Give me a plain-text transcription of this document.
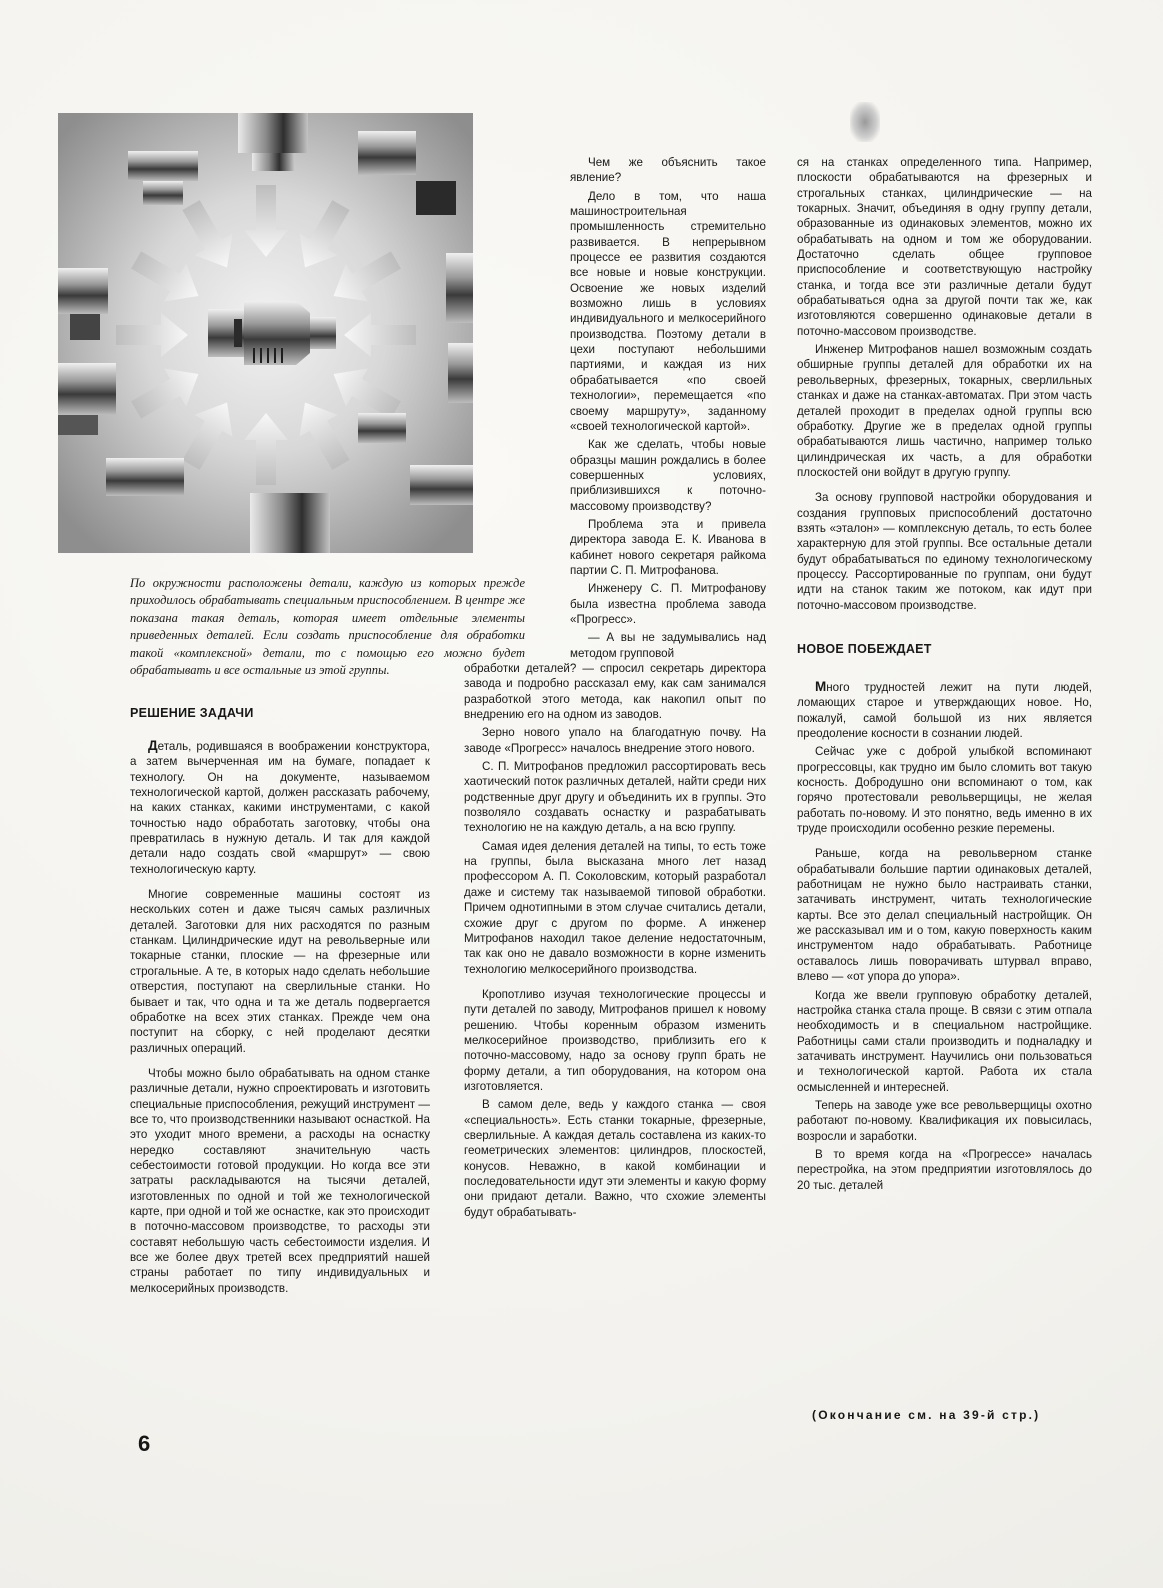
По окружности расположены детали, каждую из которых прежде приходилось обрабатывать специальным приспособлением. В центре же показана такая деталь, которая имеет отдельные элементы приведенных деталей. Если создать приспособление для обработки такой «комплексной» детали, то с помощью его можно будет обрабатывать и все остальные из этой группы.

РЕШЕНИЕ ЗАДАЧИ

Деталь, родившаяся в воображении конструктора, а затем вычерченная им на бумаге, попадает к технологу. Он на документе, называемом технологической картой, должен рассказать рабочему, на каких станках, какими инструментами, с какой точностью надо обработать заготовку, чтобы она превратилась в нужную деталь. И так для каждой детали надо создать свой «маршрут» — свою технологическую карту.

Многие современные машины состоят из нескольких сотен и даже тысяч самых различных деталей. Заготовки для них расходятся по разным станкам. Цилиндрические идут на револьверные или токарные станки, плоские — на фрезерные или строгальные. А те, в которых надо сделать небольшие отверстия, поступают на сверлильные станки. Но бывает и так, что одна и та же деталь подвергается обработке на всех этих станках. Прежде чем она поступит на сборку, с ней проделают десятки различных операций.

Чтобы можно было обрабатывать на одном станке различные детали, нужно спроектировать и изготовить специальные приспособления, режущий инструмент — все то, что производственники называют оснасткой. На это уходит много времени, а расходы на оснастку нередко составляют значительную часть себестоимости готовой продукции. Но когда все эти затраты раскладываются на тысячи деталей, изготовленных по одной и той же технологической карте, при одной и той же оснастке, как это происходит в поточно-массовом производстве, то расходы эти составят небольшую часть себестоимости изделия. И все же более двух третей всех предприятий нашей страны работает по типу индивидуальных и мелкосерийных производств.

Чем же объяснить такое явление?

Дело в том, что наша машиностроительная промышленность стремительно развивается. В непрерывном процессе ее развития создаются все новые и новые конструкции. Освоение же новых изделий возможно лишь в условиях индивидуального и мелкосерийного производства. Поэтому детали в цехи поступают небольшими партиями, и каждая из них обрабатывается «по своей технологии», перемещается «по своему маршруту», заданному «своей технологической картой».

Как же сделать, чтобы новые образцы машин рождались в более совершенных условиях, приблизившихся к поточно-массовому производству?

Проблема эта и привела директора завода Е. К. Иванова в кабинет нового секретаря райкома партии С. П. Митрофанова.

Инженеру С. П. Митрофанову была известна проблема завода «Прогресс».

— А вы не задумывались над методом групповой

обработки деталей? — спросил секретарь директора завода и подробно рассказал ему, как сам занимался разработкой этого метода, как накопил опыт по внедрению его на одном из заводов.

Зерно нового упало на благодатную почву. На заводе «Прогресс» началось внедрение этого нового.

С. П. Митрофанов предложил рассортировать весь хаотический поток различных деталей, найти среди них родственные друг другу и объединить их в группы. Это позволяло создавать оснастку и разрабатывать технологию не на каждую деталь, а на всю группу.

Самая идея деления деталей на типы, то есть тоже на группы, была высказана много лет назад профессором А. П. Соколовским, который разработал даже и систему так называемой типовой обработки. Причем однотипными в этом случае считались детали, схожие друг с другом по форме. А инженер Митрофанов находил такое деление недостаточным, так как оно не давало возможности в корне изменить технологию мелкосерийного производства.

Кропотливо изучая технологические процессы и пути деталей по заводу, Митрофанов пришел к новому решению. Чтобы коренным образом изменить мелкосерийное производство, приблизить его к поточно-массовому, надо за основу групп брать не форму детали, а тип оборудования, на котором она изготовляется.

В самом деле, ведь у каждого станка — своя «специальность». Есть станки токарные, фрезерные, сверлильные. А каждая деталь составлена из каких-то геометрических элементов: цилиндров, плоскостей, конусов. Неважно, в какой комбинации и последовательности идут эти элементы и какую форму они придают детали. Важно, что схожие элементы будут обрабатывать-

ся на станках определенного типа. Например, плоскости обрабатываются на фрезерных и строгальных станках, цилиндрические — на токарных. Значит, объединяя в одну группу детали, образованные из одинаковых элементов, можно их обрабатывать на одном и том же оборудовании. Достаточно сделать общее групповое приспособление и соответствующую настройку станка, и тогда все эти различные детали будут обрабатываться одна за другой почти так же, как изготовляются совершенно одинаковые детали в поточно-массовом производстве.

Инженер Митрофанов нашел возможным создать обширные группы деталей для обработки их на револьверных, фрезерных, токарных, сверлильных станках и даже на станках-автоматах. При этом часть деталей проходит в пределах одной группы всю обработку. Другие же в пределах одной группы обрабатываются лишь частично, например только цилиндрическая их часть, а для обработки плоскостей они войдут в другую группу.

За основу групповой настройки оборудования и создания групповых приспособлений достаточно взять «эталон» — комплексную деталь, то есть более характерную для этой группы. Все остальные детали будут обрабатываться по единому технологическому процессу. Рассортированные по группам, они будут идти на станок таким же потоком, как идут при поточно-массовом производстве.

НОВОЕ ПОБЕЖДАЕТ

Много трудностей лежит на пути людей, ломающих старое и утверждающих новое. Но, пожалуй, самой большой из них является преодоление косности в сознании людей.

Сейчас уже с доброй улыбкой вспоминают прогрессовцы, как трудно им было сломить вот такую косность. Добродушно они вспоминают о том, как горячо протестовали револьверщицы, не желая работать по-новому. И это понятно, ведь именно в их труде происходили особенно резкие перемены.

Раньше, когда на револьверном станке обрабатывали большие партии одинаковых деталей, работницам не нужно было настраивать станки, затачивать инструмент, читать технологические карты. Все это делал специальный настройщик. Он же рассказывал им и о том, какую поверхность каким инструментом надо обрабатывать. Работнице оставалось лишь поворачивать штурвал вправо, влево — «от упора до упора».

Когда же ввели групповую обработку деталей, настройка станка стала проще. В связи с этим отпала необходимость и в специальном настройщике. Работницы сами стали производить и подналадку и затачивать инструмент. Научились они пользоваться и технологической картой. Работа их стала осмысленней и интересней.

Теперь на заводе уже все револьверщицы охотно работают по-новому. Квалификация их повысилась, возросли и заработки.

В то время когда на «Прогрессе» началась перестройка, на этом предприятии изготовлялось до 20 тыс. деталей

(Окончание см. на 39-й стр.)
6
